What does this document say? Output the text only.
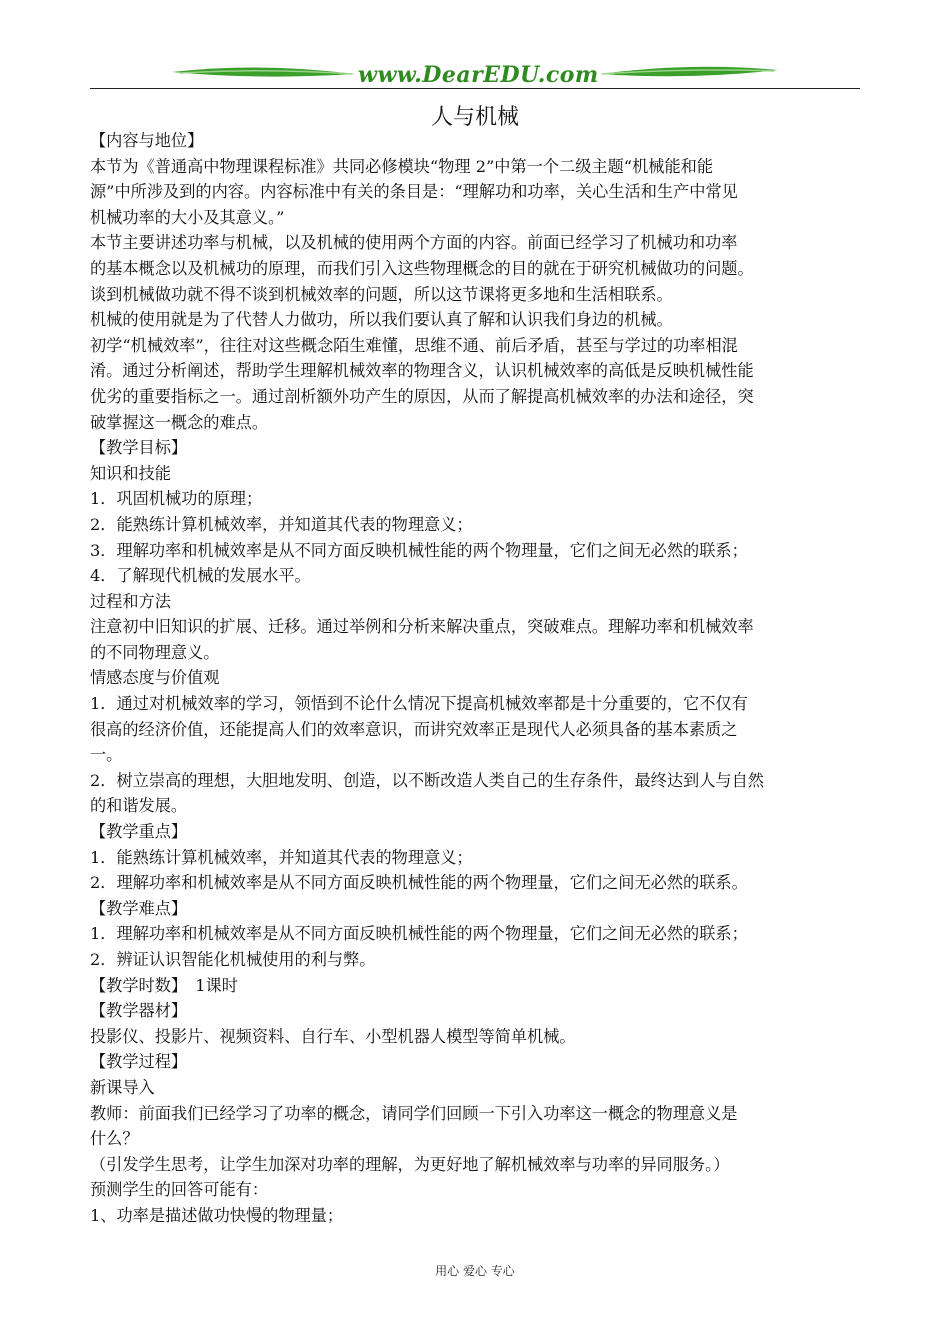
www.DearEDU.com
人与机械
【内容与地位】
本节为《普通高中物理课程标准》共同必修模块“物理 2”中第一个二级主题“机械能和能
源”中所涉及到的内容。内容标准中有关的条目是：“理解功和功率，关心生活和生产中常见
机械功率的大小及其意义。”
本节主要讲述功率与机械，以及机械的使用两个方面的内容。前面已经学习了机械功和功率
的基本概念以及机械功的原理，而我们引入这些物理概念的目的就在于研究机械做功的问题。
谈到机械做功就不得不谈到机械效率的问题，所以这节课将更多地和生活相联系。
机械的使用就是为了代替人力做功，所以我们要认真了解和认识我们身边的机械。
初学“机械效率”，往往对这些概念陌生难懂，思维不通、前后矛盾，甚至与学过的功率相混
淆。通过分析阐述，帮助学生理解机械效率的物理含义，认识机械效率的高低是反映机械性能
优劣的重要指标之一。通过剖析额外功产生的原因，从而了解提高机械效率的办法和途径，突
破掌握这一概念的难点。
【教学目标】
知识和技能
1．巩固机械功的原理；
2．能熟练计算机械效率，并知道其代表的物理意义；
3．理解功率和机械效率是从不同方面反映机械性能的两个物理量，它们之间无必然的联系；
4．了解现代机械的发展水平。
过程和方法
注意初中旧知识的扩展、迁移。通过举例和分析来解决重点，突破难点。理解功率和机械效率
的不同物理意义。
情感态度与价值观
1．通过对机械效率的学习，领悟到不论什么情况下提高机械效率都是十分重要的，它不仅有
很高的经济价值，还能提高人们的效率意识，而讲究效率正是现代人必须具备的基本素质之
一。
2．树立崇高的理想，大胆地发明、创造，以不断改造人类自己的生存条件，最终达到人与自然
的和谐发展。
【教学重点】
1．能熟练计算机械效率，并知道其代表的物理意义；
2．理解功率和机械效率是从不同方面反映机械性能的两个物理量，它们之间无必然的联系。
【教学难点】
1．理解功率和机械效率是从不同方面反映机械性能的两个物理量，它们之间无必然的联系；
2．辨证认识智能化机械使用的利与弊。
【教学时数】　1课时
【教学器材】
投影仪、投影片、视频资料、自行车、小型机器人模型等简单机械。
【教学过程】
新课导入
教师：前面我们已经学习了功率的概念，请同学们回顾一下引入功率这一概念的物理意义是
什么？
（引发学生思考，让学生加深对功率的理解，为更好地了解机械效率与功率的异同服务。）
预测学生的回答可能有：
1、功率是描述做功快慢的物理量；
用心 爱心 专心
